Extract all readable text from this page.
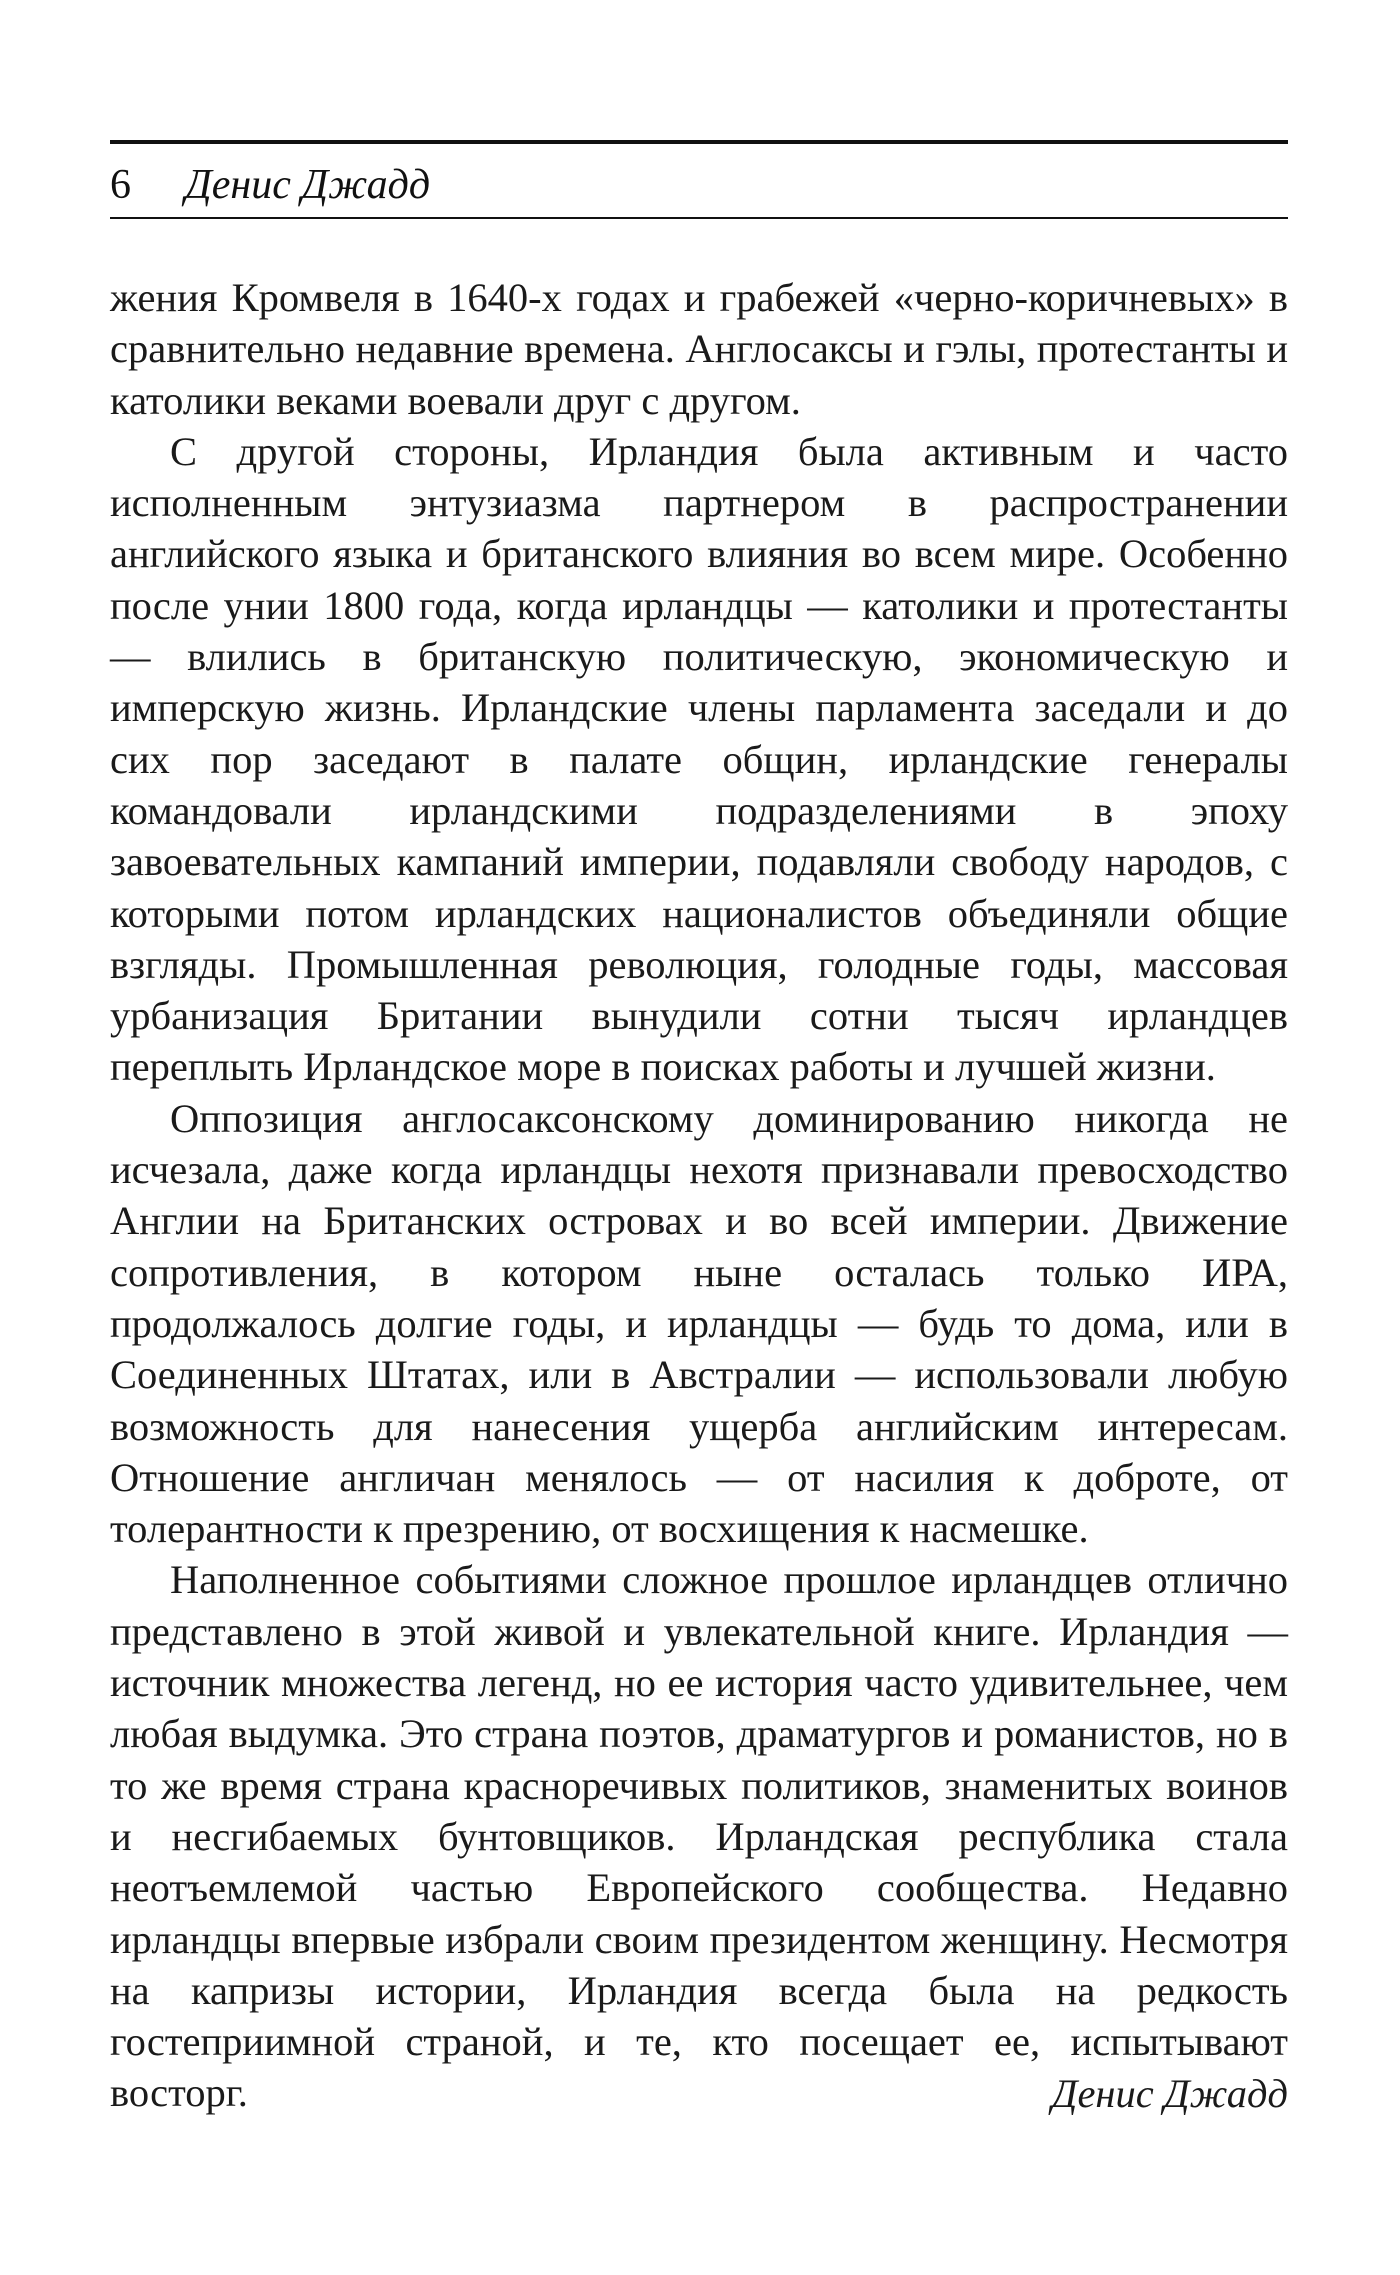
6 Денис Джадд

жения Кромвеля в 1640-х годах и грабежей «черно-коричневых» в сравнительно недавние времена. Англосаксы и гэлы, протестанты и католики веками воевали друг с другом.

С другой стороны, Ирландия была активным и часто исполненным энтузиазма партнером в распространении английского языка и британского влияния во всем мире. Особенно после унии 1800 года, когда ирландцы — католики и протестанты — влились в британскую политическую, экономическую и имперскую жизнь. Ирландские члены парламента заседали и до сих пор заседают в палате общин, ирландские генералы командовали ирландскими подразделениями в эпоху завоевательных кампаний империи, подавляли свободу народов, с которыми потом ирландских националистов объединяли общие взгляды. Промышленная революция, голодные годы, массовая урбанизация Британии вынудили сотни тысяч ирландцев переплыть Ирландское море в поисках работы и лучшей жизни.

Оппозиция англосаксонскому доминированию никогда не исчезала, даже когда ирландцы нехотя признавали превосходство Англии на Британских островах и во всей империи. Движение сопротивления, в котором ныне осталась только ИРА, продолжалось долгие годы, и ирландцы — будь то дома, или в Соединенных Штатах, или в Австралии — использовали любую возможность для нанесения ущерба английским интересам. Отношение англичан менялось — от насилия к доброте, от толерантности к презрению, от восхищения к насмешке.

Наполненное событиями сложное прошлое ирландцев отлично представлено в этой живой и увлекательной книге. Ирландия — источник множества легенд, но ее история часто удивительнее, чем любая выдумка. Это страна поэтов, драматургов и романистов, но в то же время страна красноречивых политиков, знаменитых воинов и несгибаемых бунтовщиков. Ирландская республика стала неотъемлемой частью Европейского сообщества. Недавно ирландцы впервые избрали своим президентом женщину. Несмотря на капризы истории, Ирландия всегда была на редкость гостеприимной страной, и те, кто посещает ее, испытывают восторг.	Денис Джадд
